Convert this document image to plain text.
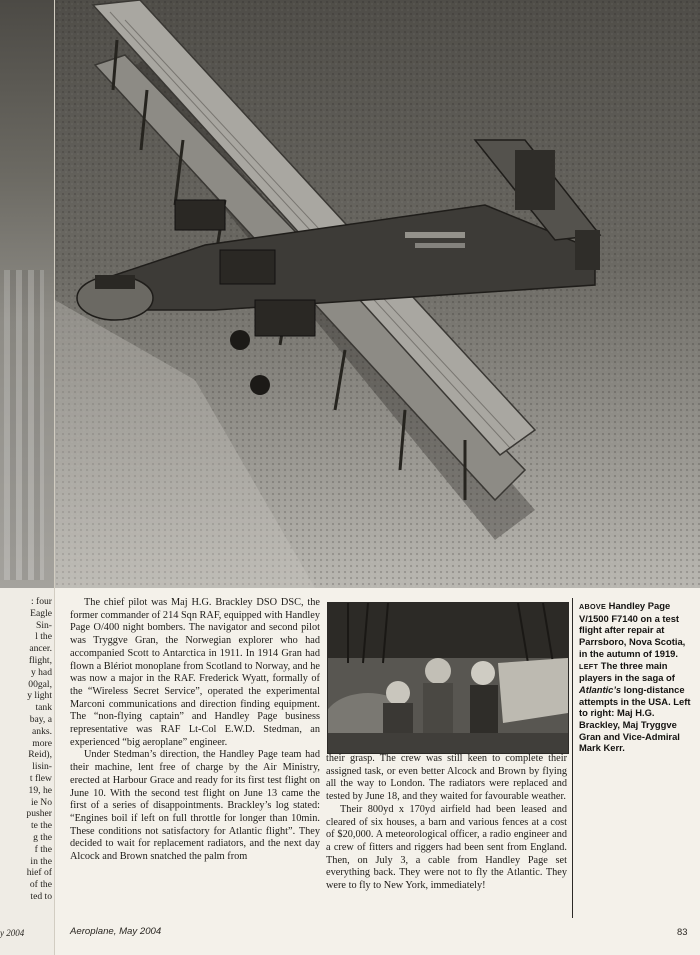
: four
Eagle
Sin-
l the
ancer.
flight,
y had
00gal,
y light
tank
bay, a
anks.
more
Reid),
lisin-
t flew
19, he
ie No
pusher
te the
g the
f the
in the
hief of
of the
ted to
y 2004

The chief pilot was Maj H.G. Brackley DSO DSC, the former commander of 214 Sqn RAF, equipped with Handley Page O/400 night bombers. The navigator and second pilot was Tryggve Gran, the Norwegian explorer who had accompanied Scott to Antarctica in 1911. In 1914 Gran had flown a Blériot monoplane from Scotland to Norway, and he was now a major in the RAF. Frederick Wyatt, formally of the “Wireless Secret Service”, operated the experimental Marconi communications and direction finding equipment. The “non-flying captain” and Handley Page business representative was RAF Lt-Col E.W.D. Stedman, an experienced “big aeroplane” engineer.

Under Stedman’s direction, the Handley Page team had their machine, lent free of charge by the Air Ministry, erected at Harbour Grace and ready for its first test flight on June 10. With the second test flight on June 13 came the first of a series of disappointments. Brackley’s log stated: “Engines boil if left on full throttle for longer than 10min. These conditions not satisfactory for Atlantic flight”. They decided to wait for replacement radiators, and the next day Alcock and Brown snatched the palm from

their grasp. The crew was still keen to complete their assigned task, or even better Alcock and Brown by flying all the way to London. The radiators were replaced and tested by June 18, and they waited for favourable weather.

Their 800yd x 170yd airfield had been leased and cleared of six houses, a barn and various fences at a cost of $20,000. A meteorological officer, a radio engineer and a crew of fitters and riggers had been sent from England. Then, on July 3, a cable from Handley Page set everything back. They were not to fly the Atlantic. They were to fly to New York, immediately!

ABOVE Handley Page V/1500 F7140 on a test flight after repair at Parrsboro, Nova Scotia, in the autumn of 1919.
LEFT The three main players in the saga of Atlantic’s long-distance attempts in the USA. Left to right: Maj H.G. Brackley, Maj Tryggve Gran and Vice-Admiral Mark Kerr.
Aeroplane, May 2004	83
